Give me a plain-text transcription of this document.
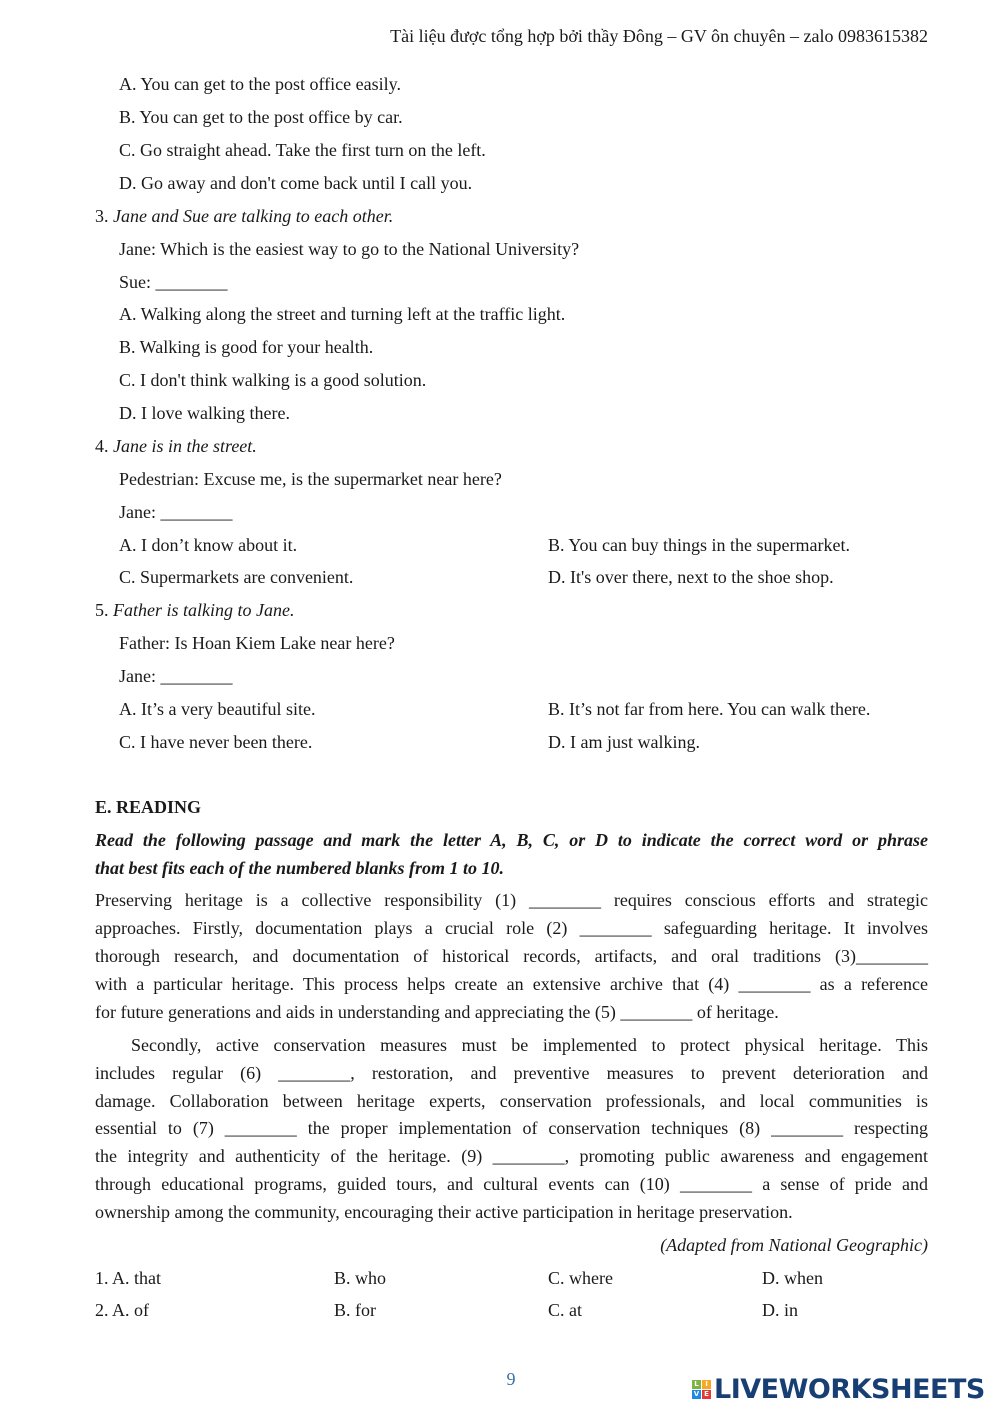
Tài liệu được tổng hợp bởi thầy Đông – GV ôn chuyên – zalo 0983615382
A. You can get to the post office easily.
B. You can get to the post office by car.
C. Go straight ahead. Take the first turn on the left.
D. Go away and don't come back until I call you.
3. Jane and Sue are talking to each other.
Jane: Which is the easiest way to go to the National University?
Sue: ________
A. Walking along the street and turning left at the traffic light.
B. Walking is good for your health.
C. I don't think walking is a good solution.
D. I love walking there.
4. Jane is in the street.
Pedestrian: Excuse me, is the supermarket near here?
Jane: ________
A. I don’t know about it.	B. You can buy things in the supermarket.
C. Supermarkets are convenient.	D. It's over there, next to the shoe shop.
5. Father is talking to Jane.
Father: Is Hoan Kiem Lake near here?
Jane: ________
A. It’s a very beautiful site.	B. It’s not far from here. You can walk there.
C. I have never been there.	D. I am just walking.
E. READING
Read the following passage and mark the letter A, B, C, or D to indicate the correct word or phrase
that best fits each of the numbered blanks from 1 to 10.
Preserving heritage is a collective responsibility (1) ________ requires conscious efforts and strategic
approaches. Firstly, documentation plays a crucial role (2) ________ safeguarding heritage. It involves
thorough research, and documentation of historical records, artifacts, and oral traditions (3)________
with a particular heritage. This process helps create an extensive archive that (4) ________ as a reference
for future generations and aids in understanding and appreciating the (5) ________ of heritage.
Secondly, active conservation measures must be implemented to protect physical heritage. This
includes regular (6) ________, restoration, and preventive measures to prevent deterioration and
damage. Collaboration between heritage experts, conservation professionals, and local communities is
essential to (7) ________ the proper implementation of conservation techniques (8) ________ respecting
the integrity and authenticity of the heritage. (9) ________, promoting public awareness and engagement
through educational programs, guided tours, and cultural events can (10) ________ a sense of pride and
ownership among the community, encouraging their active participation in heritage preservation.
(Adapted from National Geographic)
1. A. that	B. who	C. where	D. when
2. A. of	B. for	C. at	D. in
9	L I
V E LIVEWORKSHEETS
